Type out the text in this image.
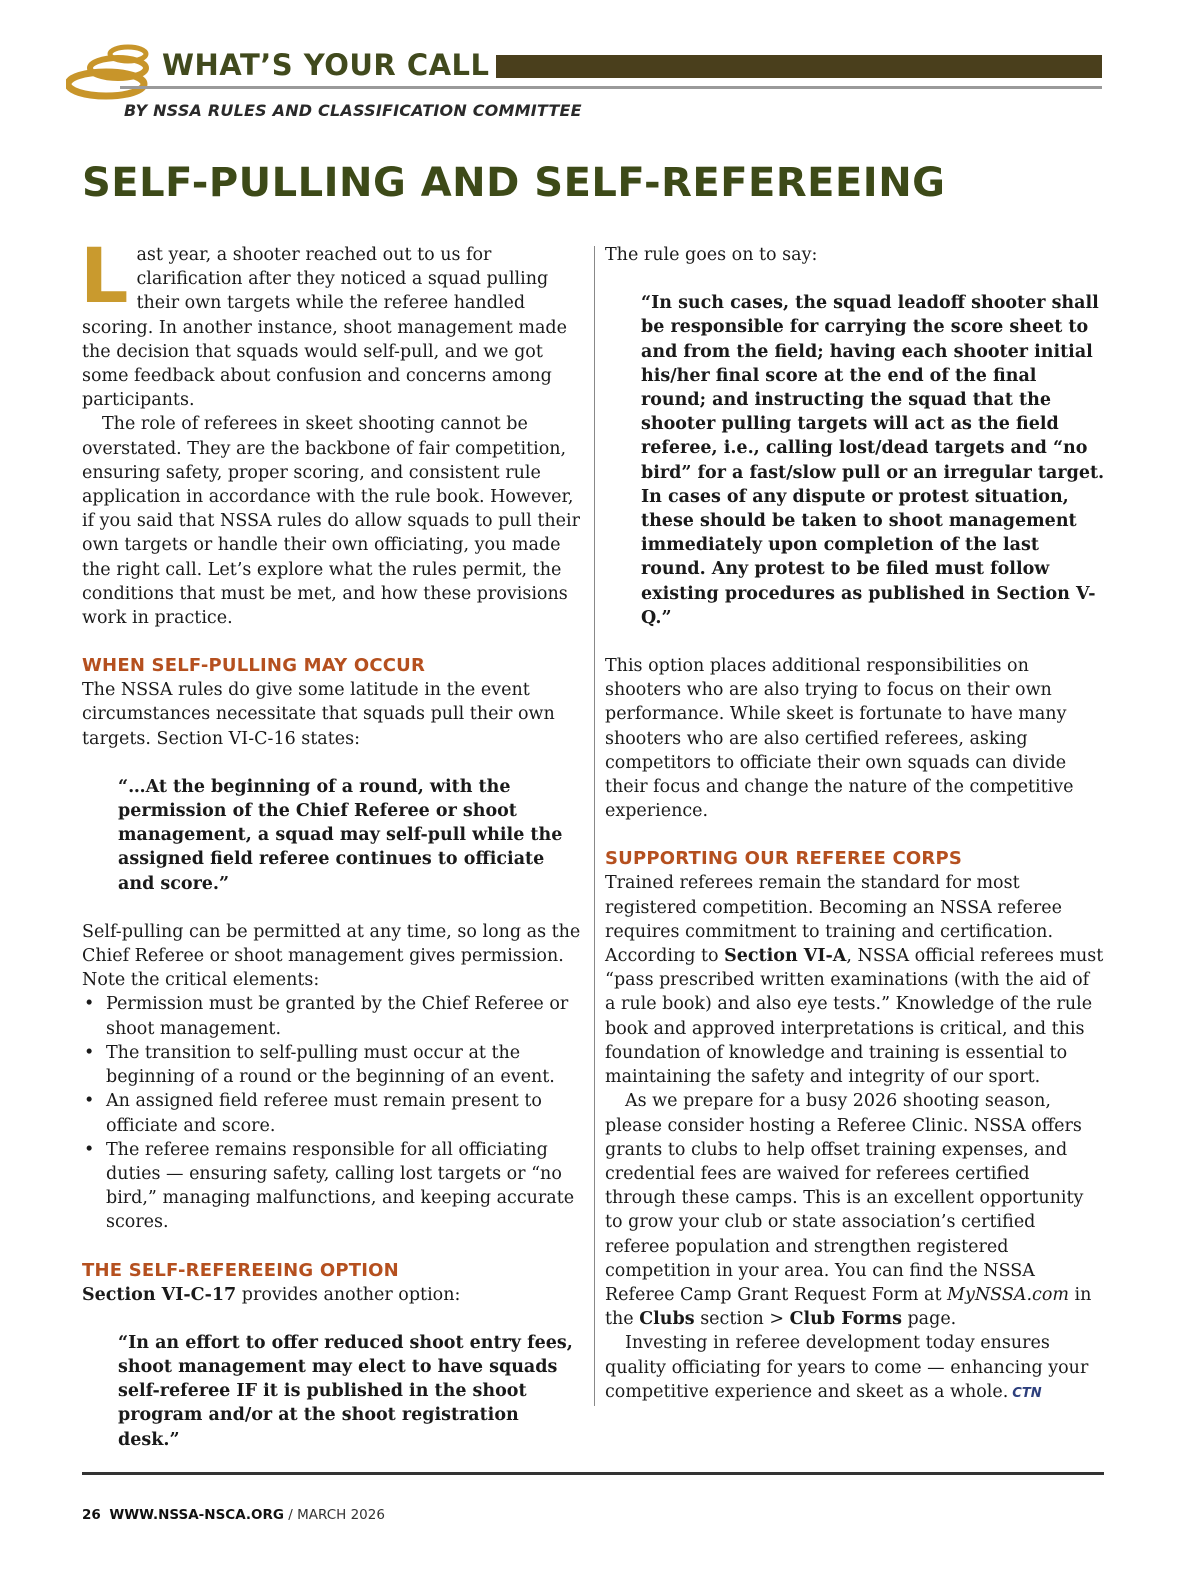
WHAT’S YOUR CALL
BY NSSA RULES AND CLASSIFICATION COMMITTEE
SELF-PULLING AND SELF-REFEREEING

Last year, a shooter reached out to us for clarification after they noticed a squad pulling their own targets while the referee handled scoring. In another instance, shoot management made the decision that squads would self-pull, and we got some feedback about confusion and concerns among participants.

The role of referees in skeet shooting cannot be overstated. They are the backbone of fair competition, ensuring safety, proper scoring, and consistent rule application in accordance with the rule book. However, if you said that NSSA rules do allow squads to pull their own targets or handle their own officiating, you made the right call. Let’s explore what the rules permit, the conditions that must be met, and how these provisions work in practice.

WHEN SELF-PULLING MAY OCCUR

The NSSA rules do give some latitude in the event circumstances necessitate that squads pull their own targets. Section VI-C-16 states:

“…At the beginning of a round, with the permission of the Chief Referee or shoot management, a squad may self-pull while the assigned field referee continues to officiate and score.”

Self-pulling can be permitted at any time, so long as the Chief Referee or shoot management gives permission. Note the critical elements:

• Permission must be granted by the Chief Referee or shoot management.
• The transition to self-pulling must occur at the beginning of a round or the beginning of an event.
• An assigned field referee must remain present to officiate and score.
• The referee remains responsible for all officiating duties — ensuring safety, calling lost targets or “no bird,” managing malfunctions, and keeping accurate scores.
THE SELF-REFEREEING OPTION

Section VI-C-17 provides another option:

“In an effort to offer reduced shoot entry fees, shoot management may elect to have squads self-referee IF it is published in the shoot program and/or at the shoot registration desk.”

The rule goes on to say:

“In such cases, the squad leadoff shooter shall be responsible for carrying the score sheet to and from the field; having each shooter initial his/her final score at the end of the final round; and instructing the squad that the shooter pulling targets will act as the field referee, i.e., calling lost/dead targets and “no bird” for a fast/slow pull or an irregular target. In cases of any dispute or protest situation, these should be taken to shoot management immediately upon completion of the last round. Any protest to be filed must follow existing procedures as published in Section V-Q.”

This option places additional responsibilities on shooters who are also trying to focus on their own performance. While skeet is fortunate to have many shooters who are also certified referees, asking competitors to officiate their own squads can divide their focus and change the nature of the competitive experience.

SUPPORTING OUR REFEREE CORPS

Trained referees remain the standard for most registered competition. Becoming an NSSA referee requires commitment to training and certification. According to Section VI-A, NSSA official referees must “pass prescribed written examinations (with the aid of a rule book) and also eye tests.” Knowledge of the rule book and approved interpretations is critical, and this foundation of knowledge and training is essential to maintaining the safety and integrity of our sport.

As we prepare for a busy 2026 shooting season, please consider hosting a Referee Clinic. NSSA offers grants to clubs to help offset training expenses, and credential fees are waived for referees certified through these camps. This is an excellent opportunity to grow your club or state association’s certified referee population and strengthen registered competition in your area. You can find the NSSA Referee Camp Grant Request Form at MyNSSA.com in the Clubs section > Club Forms page.

Investing in referee development today ensures quality officiating for years to come — enhancing your competitive experience and skeet as a whole. CTN

26 WWW.NSSA-NSCA.ORG / MARCH 2026
